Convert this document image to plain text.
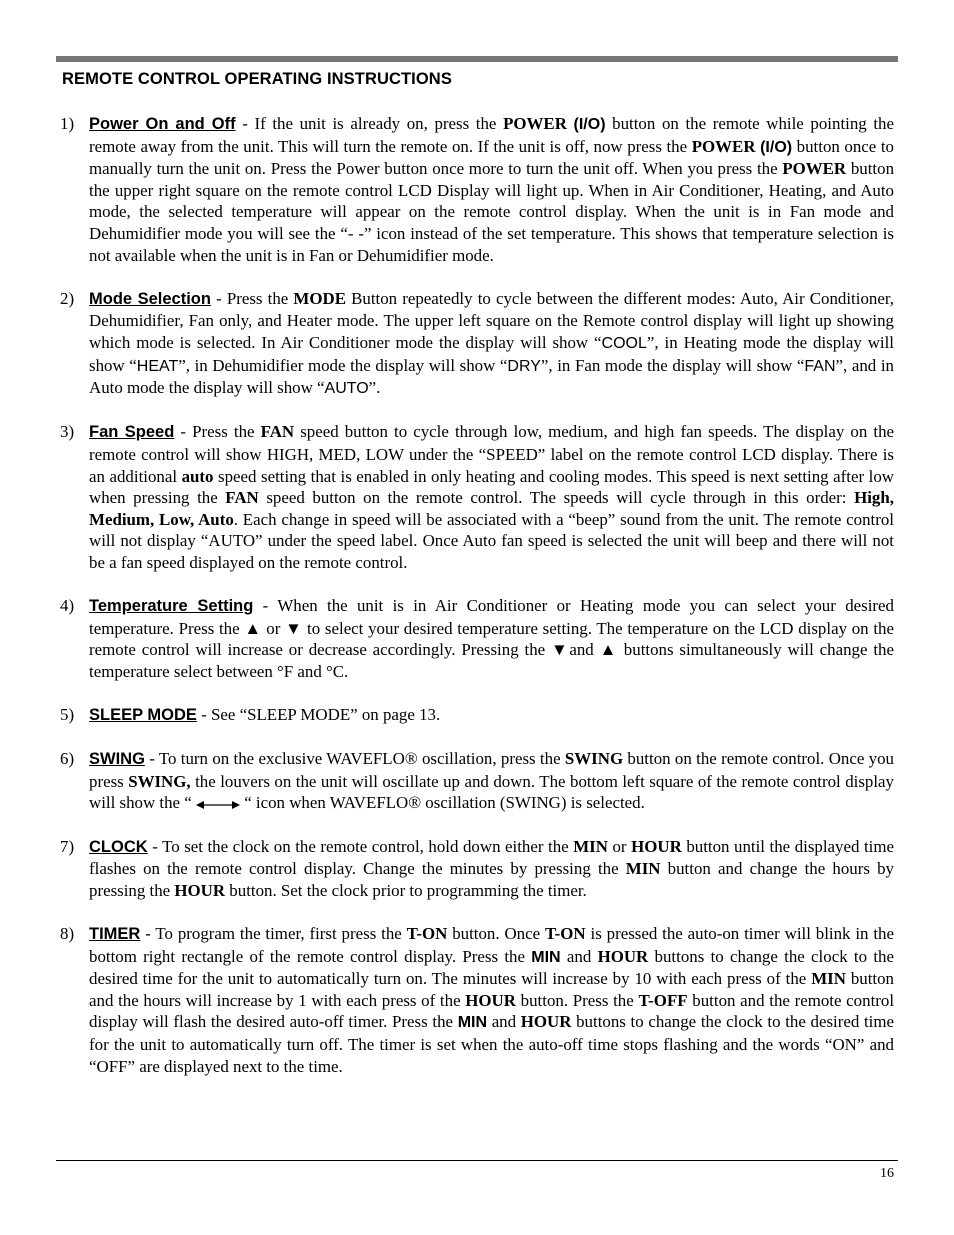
REMOTE CONTROL OPERATING INSTRUCTIONS
1) Power On and Off - If the unit is already on, press the POWER (I/O) button on the remote while pointing the remote away from the unit. This will turn the remote on. If the unit is off, now press the POWER (I/O) button once to manually turn the unit on. Press the Power button once more to turn the unit off. When you press the POWER button the upper right square on the remote control LCD Display will light up. When in Air Conditioner, Heating, and Auto mode, the selected temperature will appear on the remote control display. When the unit is in Fan mode and Dehumidifier mode you will see the “- -” icon instead of the set temperature. This shows that temperature selection is not available when the unit is in Fan or Dehumidifier mode.
2) Mode Selection - Press the MODE Button repeatedly to cycle between the different modes: Auto, Air Conditioner, Dehumidifier, Fan only, and Heater mode. The upper left square on the Remote control display will light up showing which mode is selected. In Air Conditioner mode the display will show “COOL”, in Heating mode the display will show “HEAT”, in Dehumidifier mode the display will show “DRY”, in Fan mode the display will show “FAN”, and in Auto mode the display will show “AUTO”.
3) Fan Speed - Press the FAN speed button to cycle through low, medium, and high fan speeds. The display on the remote control will show HIGH, MED, LOW under the “SPEED” label on the remote control LCD display. There is an additional auto speed setting that is enabled in only heating and cooling modes. This speed is next setting after low when pressing the FAN speed button on the remote control. The speeds will cycle through in this order: High, Medium, Low, Auto. Each change in speed will be associated with a “beep” sound from the unit. The remote control will not display “AUTO” under the speed label. Once Auto fan speed is selected the unit will beep and there will not be a fan speed displayed on the remote control.
4) Temperature Setting - When the unit is in Air Conditioner or Heating mode you can select your desired temperature. Press the ▲ or ▼ to select your desired temperature setting. The temperature on the LCD display on the remote control will increase or decrease accordingly. Pressing the ▼and ▲ buttons simultaneously will change the temperature select between °F and °C.
5) SLEEP MODE - See “SLEEP MODE” on page 13.
6) SWING - To turn on the exclusive WAVEFLO® oscillation, press the SWING button on the remote control. Once you press SWING, the louvers on the unit will oscillate up and down. The bottom left square of the remote control display will show the “	“ icon when WAVEFLO® oscillation (SWING) is selected.
7) CLOCK - To set the clock on the remote control, hold down either the MIN or HOUR button until the displayed time flashes on the remote control display. Change the minutes by pressing the MIN button and change the hours by pressing the HOUR button. Set the clock prior to programming the timer.
8) TIMER - To program the timer, first press the T-ON button. Once T-ON is pressed the auto-on timer will blink in the bottom right rectangle of the remote control display. Press the MIN and HOUR buttons to change the clock to the desired time for the unit to automatically turn on. The minutes will increase by 10 with each press of the MIN button and the hours will increase by 1 with each press of the HOUR button. Press the T-OFF button and the remote control display will flash the desired auto-off timer. Press the MIN and HOUR buttons to change the clock to the desired time for the unit to automatically turn off. The timer is set when the auto-off time stops flashing and the words “ON” and “OFF” are displayed next to the time.
16
